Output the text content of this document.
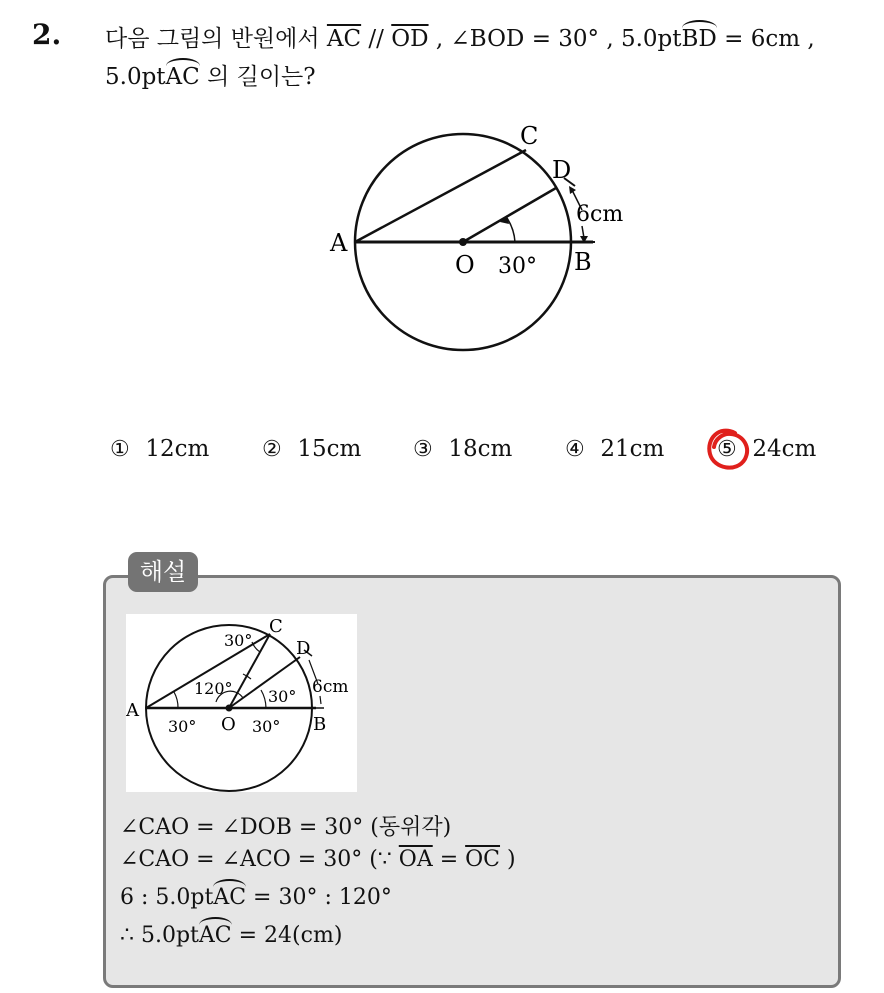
2. 다음 그림의 반원에서 $\overline{AC} // \overline{OD}$ , ∠BOD = 30° , 5.0ptBD = 6cm ,
5.0ptAC 의 길이는?
A
B
C
D
O 30°
6cm
① 12cm ② 15cm ③ 18cm ④ 21cm ⑤ 24cm
해설
A
B
C
D
O
30°
30°	30°
30°
120°	6cm
∠CAO = ∠DOB = 30° (동위각)
∠CAO = ∠ACO = 30° (∵ $\overline{OA} = \overline{OC}$ )
6 : 5.0ptAC = 30° : 120°
∴ 5.0ptAC = 24(cm)
